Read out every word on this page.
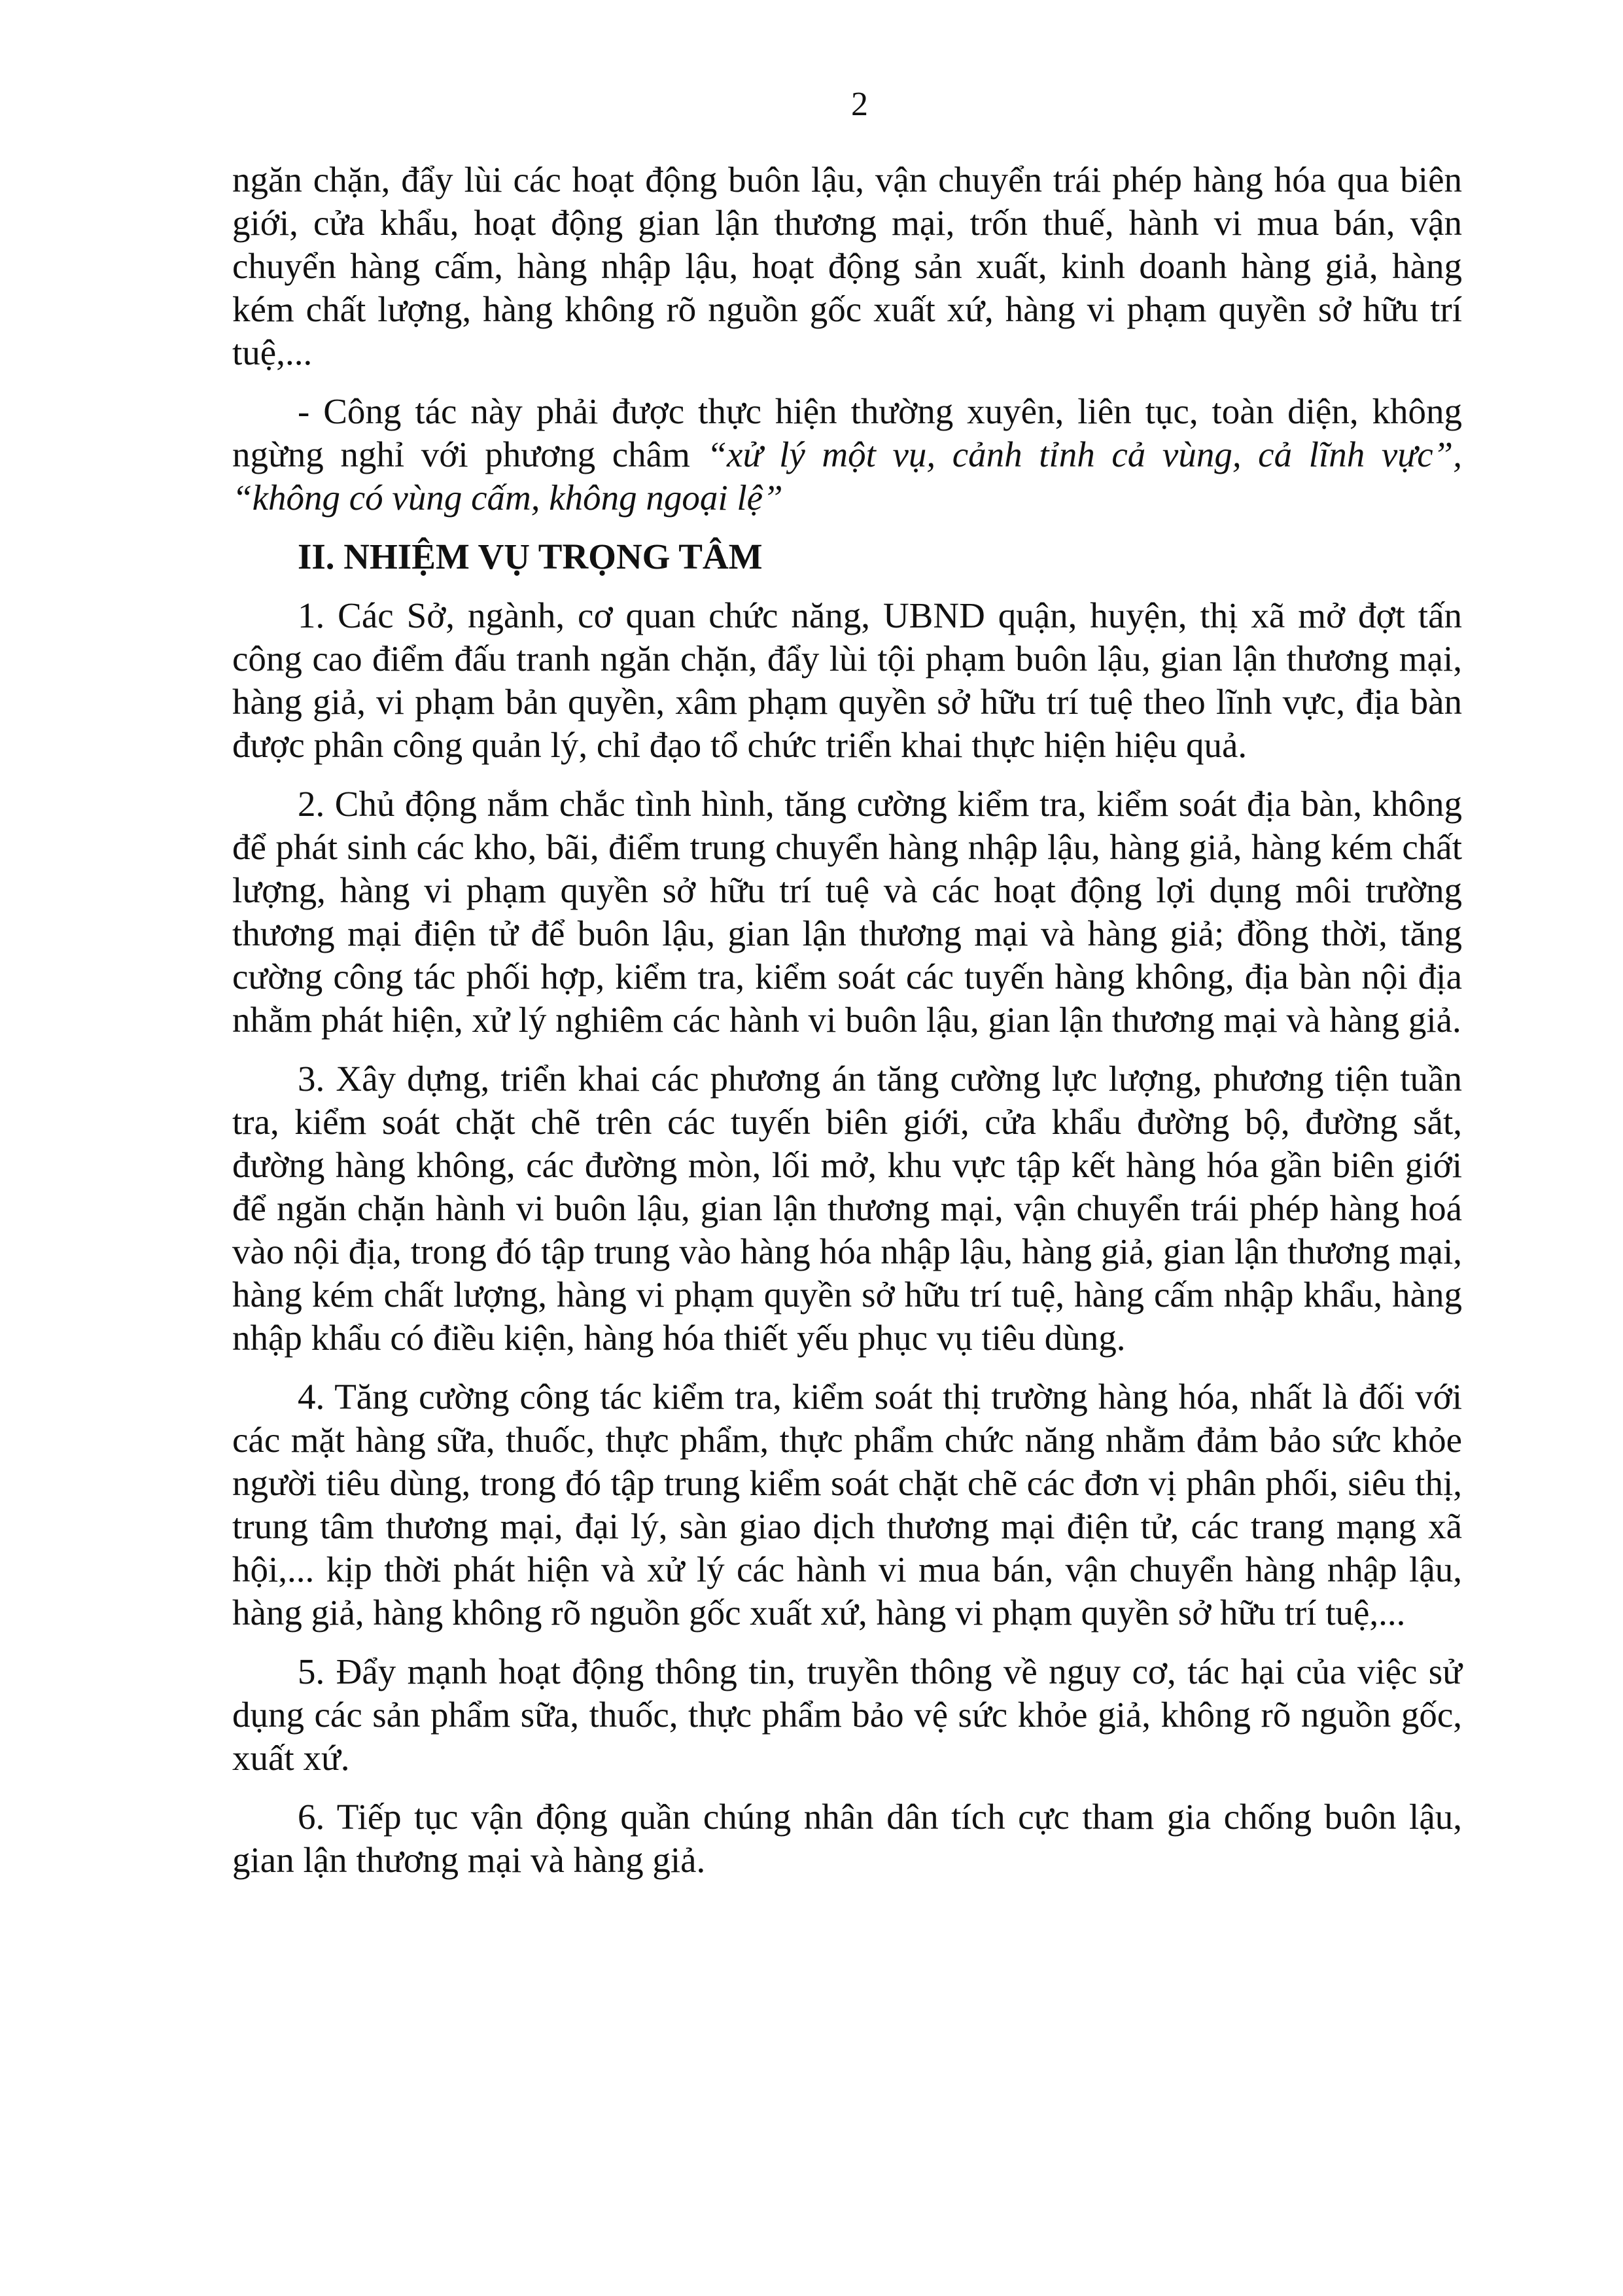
2

ngăn chặn, đẩy lùi các hoạt động buôn lậu, vận chuyển trái phép hàng hóa qua biên giới, cửa khẩu, hoạt động gian lận thương mại, trốn thuế, hành vi mua bán, vận chuyển hàng cấm, hàng nhập lậu, hoạt động sản xuất, kinh doanh hàng giả, hàng kém chất lượng, hàng không rõ nguồn gốc xuất xứ, hàng vi phạm quyền sở hữu trí tuệ,...

- Công tác này phải được thực hiện thường xuyên, liên tục, toàn diện, không ngừng nghỉ với phương châm “xử lý một vụ, cảnh tỉnh cả vùng, cả lĩnh vực”, “không có vùng cấm, không ngoại lệ”

II. NHIỆM VỤ TRỌNG TÂM

1. Các Sở, ngành, cơ quan chức năng, UBND quận, huyện, thị xã mở đợt tấn công cao điểm đấu tranh ngăn chặn, đẩy lùi tội phạm buôn lậu, gian lận thương mại, hàng giả, vi phạm bản quyền, xâm phạm quyền sở hữu trí tuệ theo lĩnh vực, địa bàn được phân công quản lý, chỉ đạo tổ chức triển khai thực hiện hiệu quả.

2. Chủ động nắm chắc tình hình, tăng cường kiểm tra, kiểm soát địa bàn, không để phát sinh các kho, bãi, điểm trung chuyển hàng nhập lậu, hàng giả, hàng kém chất lượng, hàng vi phạm quyền sở hữu trí tuệ và các hoạt động lợi dụng môi trường thương mại điện tử để buôn lậu, gian lận thương mại và hàng giả; đồng thời, tăng cường công tác phối hợp, kiểm tra, kiểm soát các tuyến hàng không, địa bàn nội địa nhằm phát hiện, xử lý nghiêm các hành vi buôn lậu, gian lận thương mại và hàng giả.

3. Xây dựng, triển khai các phương án tăng cường lực lượng, phương tiện tuần tra, kiểm soát chặt chẽ trên các tuyến biên giới, cửa khẩu đường bộ, đường sắt, đường hàng không, các đường mòn, lối mở, khu vực tập kết hàng hóa gần biên giới để ngăn chặn hành vi buôn lậu, gian lận thương mại, vận chuyển trái phép hàng hoá vào nội địa, trong đó tập trung vào hàng hóa nhập lậu, hàng giả, gian lận thương mại, hàng kém chất lượng, hàng vi phạm quyền sở hữu trí tuệ, hàng cấm nhập khẩu, hàng nhập khẩu có điều kiện, hàng hóa thiết yếu phục vụ tiêu dùng.

4. Tăng cường công tác kiểm tra, kiểm soát thị trường hàng hóa, nhất là đối với các mặt hàng sữa, thuốc, thực phẩm, thực phẩm chức năng nhằm đảm bảo sức khỏe người tiêu dùng, trong đó tập trung kiểm soát chặt chẽ các đơn vị phân phối, siêu thị, trung tâm thương mại, đại lý, sàn giao dịch thương mại điện tử, các trang mạng xã hội,... kịp thời phát hiện và xử lý các hành vi mua bán, vận chuyển hàng nhập lậu, hàng giả, hàng không rõ nguồn gốc xuất xứ, hàng vi phạm quyền sở hữu trí tuệ,...

5. Đẩy mạnh hoạt động thông tin, truyền thông về nguy cơ, tác hại của việc sử dụng các sản phẩm sữa, thuốc, thực phẩm bảo vệ sức khỏe giả, không rõ nguồn gốc, xuất xứ.

6. Tiếp tục vận động quần chúng nhân dân tích cực tham gia chống buôn lậu, gian lận thương mại và hàng giả.
